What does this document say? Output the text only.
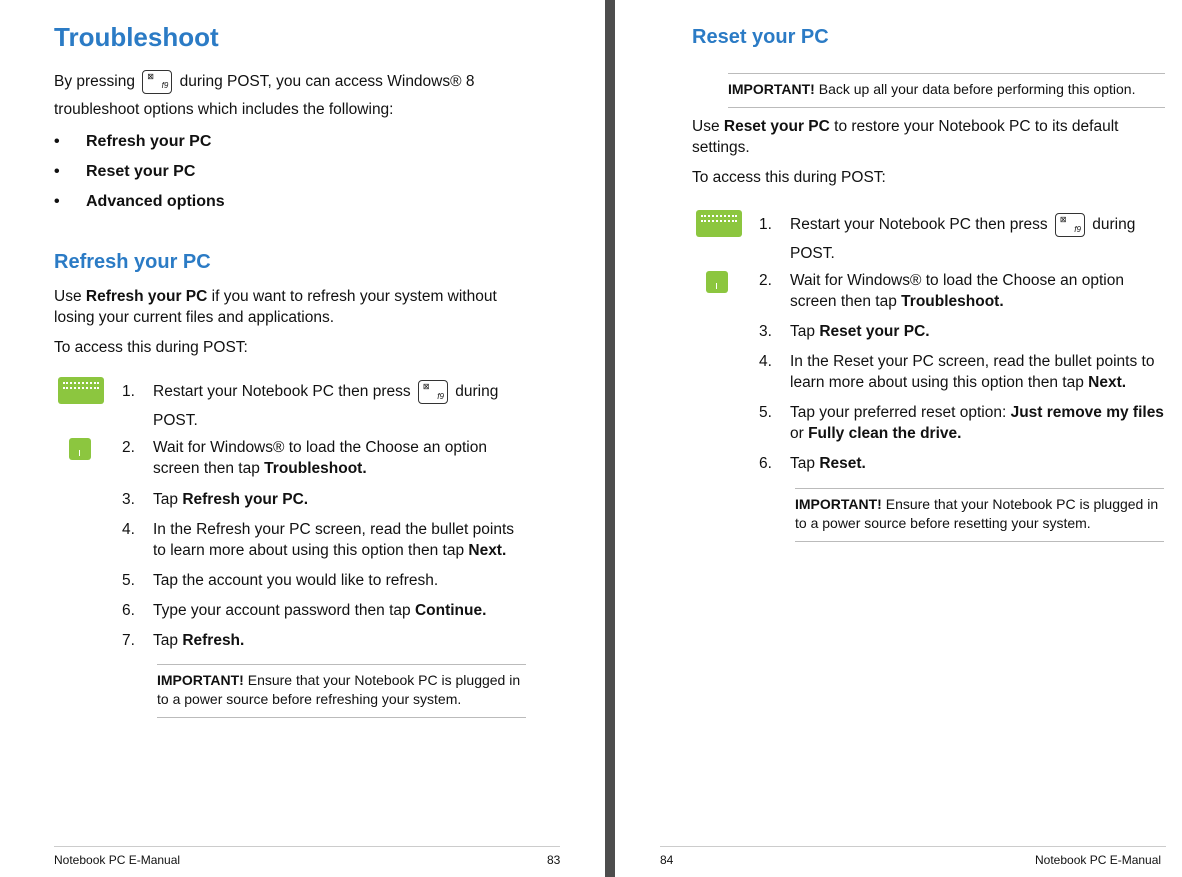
Troubleshoot

By pressing	f9
⊠ during POST, you can access Windows® 8
troubleshoot options which includes the following:

• Refresh your PC
• Reset your PC
• Advanced options
Refresh your PC

Use Refresh your PC if you want to refresh your system without losing your current files and applications.

To access this during POST:

1.	Restart your Notebook PC then press	f9
⊠ during POST.
2.	Wait for Windows® to load the Choose an option screen then tap Troubleshoot.
3.	Tap Refresh your PC.
4.	In the Refresh your PC screen, read the bullet points to learn more about using this option then tap Next.
5.	Tap the account you would like to refresh.
6.	Type your account password then tap Continue.
7.	Tap Refresh.
IMPORTANT! Ensure that your Notebook PC is plugged in to a power source before refreshing your system.
Notebook PC E-Manual	83
Reset your PC
IMPORTANT! Back up all your data before performing this option.

Use Reset your PC to restore your Notebook PC to its default settings.

To access this during POST:

1.	Restart your Notebook PC then press	f9
⊠ during POST.
2.	Wait for Windows® to load the Choose an option screen then tap Troubleshoot.
3.	Tap Reset your PC.
4.	In the Reset your PC screen, read the bullet points to learn more about using this option then tap Next.
5.	Tap your preferred reset option: Just remove my files or Fully clean the drive.
6.	Tap Reset.
IMPORTANT! Ensure that your Notebook PC is plugged in to a power source before resetting your system.
84	Notebook PC E-Manual
